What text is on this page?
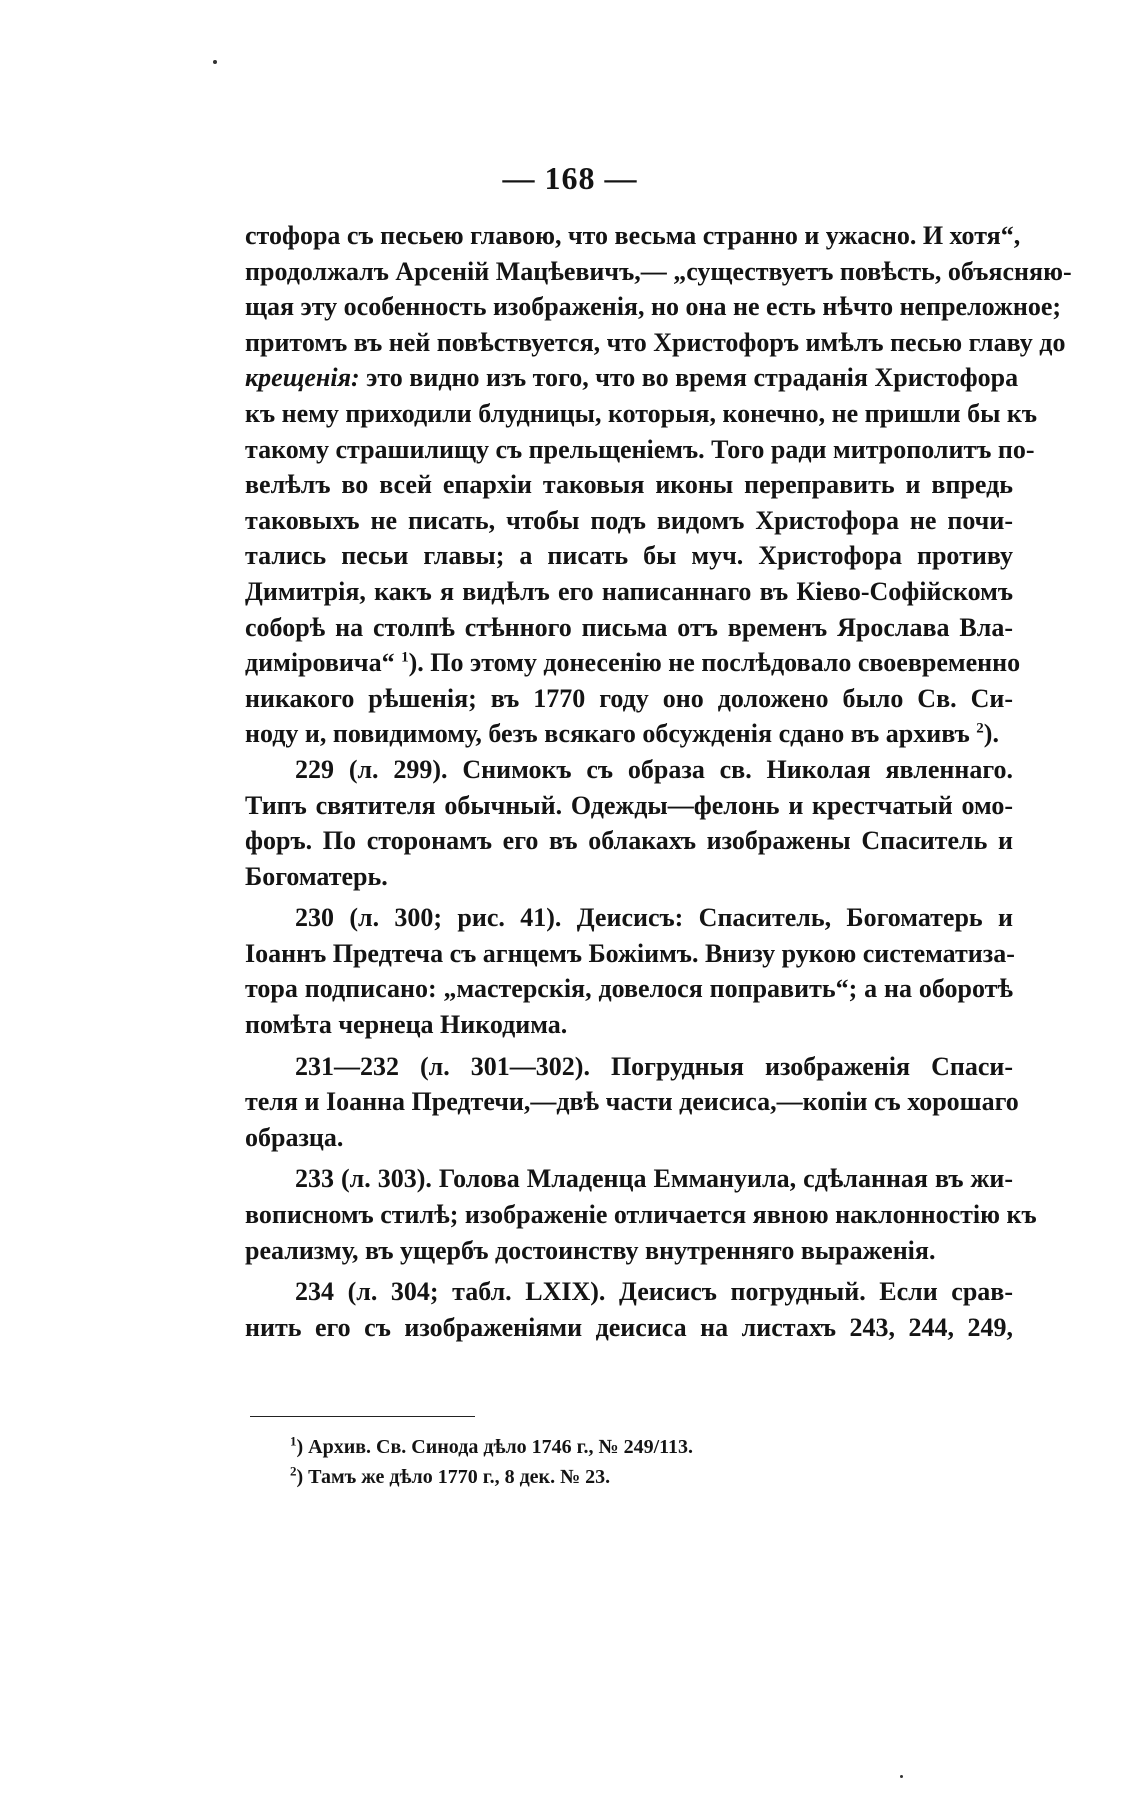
— 168 —
стофора съ песьею главою, что весьма странно и ужасно. И хотя“,
продолжалъ Арсеній Мацѣевичъ,— „существуетъ повѣсть, объясняю-
щая эту особенность изображенія, но она не есть нѣчто непреложное;
притомъ въ ней повѣствуется, что Христофоръ имѣлъ песью главу до
крещенія: это видно изъ того, что во время страданія Христофора
къ нему приходили блудницы, которыя, конечно, не пришли бы къ
такому страшилищу съ прельщеніемъ. Того ради митрополитъ по-
велѣлъ во всей епархіи таковыя иконы переправить и впредь
таковыхъ не писать, чтобы подъ видомъ Христофора не почи-
тались песьи главы; а писать бы муч. Христофора противу
Димитрія, какъ я видѣлъ его написаннаго въ Кіево-Софійскомъ
соборѣ на столпѣ стѣнного письма отъ временъ Ярослава Вла-
диміровича“ $^1$). По этому донесенію не послѣдовало своевременно
никакого рѣшенія; въ 1770 году оно доложено было Св. Си-
ноду и, повидимому, безъ всякаго обсужденія сдано въ архивъ $^2$).
229 (л. 299). Снимокъ съ образа св. Николая явленнаго.
Типъ святителя обычный. Одежды—фелонь и крестчатый омо-
форъ. По сторонамъ его въ облакахъ изображены Спаситель и
Богоматерь.
230 (л. 300; рис. 41). Деисисъ: Спаситель, Богоматерь и
Іоаннъ Предтеча съ агнцемъ Божіимъ. Внизу рукою систематиза-
тора подписано: „мастерскія, довелося поправить“; а на оборотѣ
помѣта чернеца Никодима.
231—232 (л. 301—302). Погрудныя изображенія Спаси-
теля и Іоанна Предтечи,—двѣ части деисиса,—копіи съ хорошаго
образца.
233 (л. 303). Голова Младенца Еммануила, сдѣланная въ жи-
вописномъ стилѣ; изображеніе отличается явною наклонностію къ
реализму, въ ущербъ достоинству внутренняго выраженія.
234 (л. 304; табл. LXIX). Деисисъ погрудный. Если срав-
нить его съ изображеніями деисиса на листахъ 243, 244, 249,
$^1$) Архив. Св. Синода дѣло 1746 г., № 249/113.
$^2$) Тамъ же дѣло 1770 г., 8 дек. № 23.
